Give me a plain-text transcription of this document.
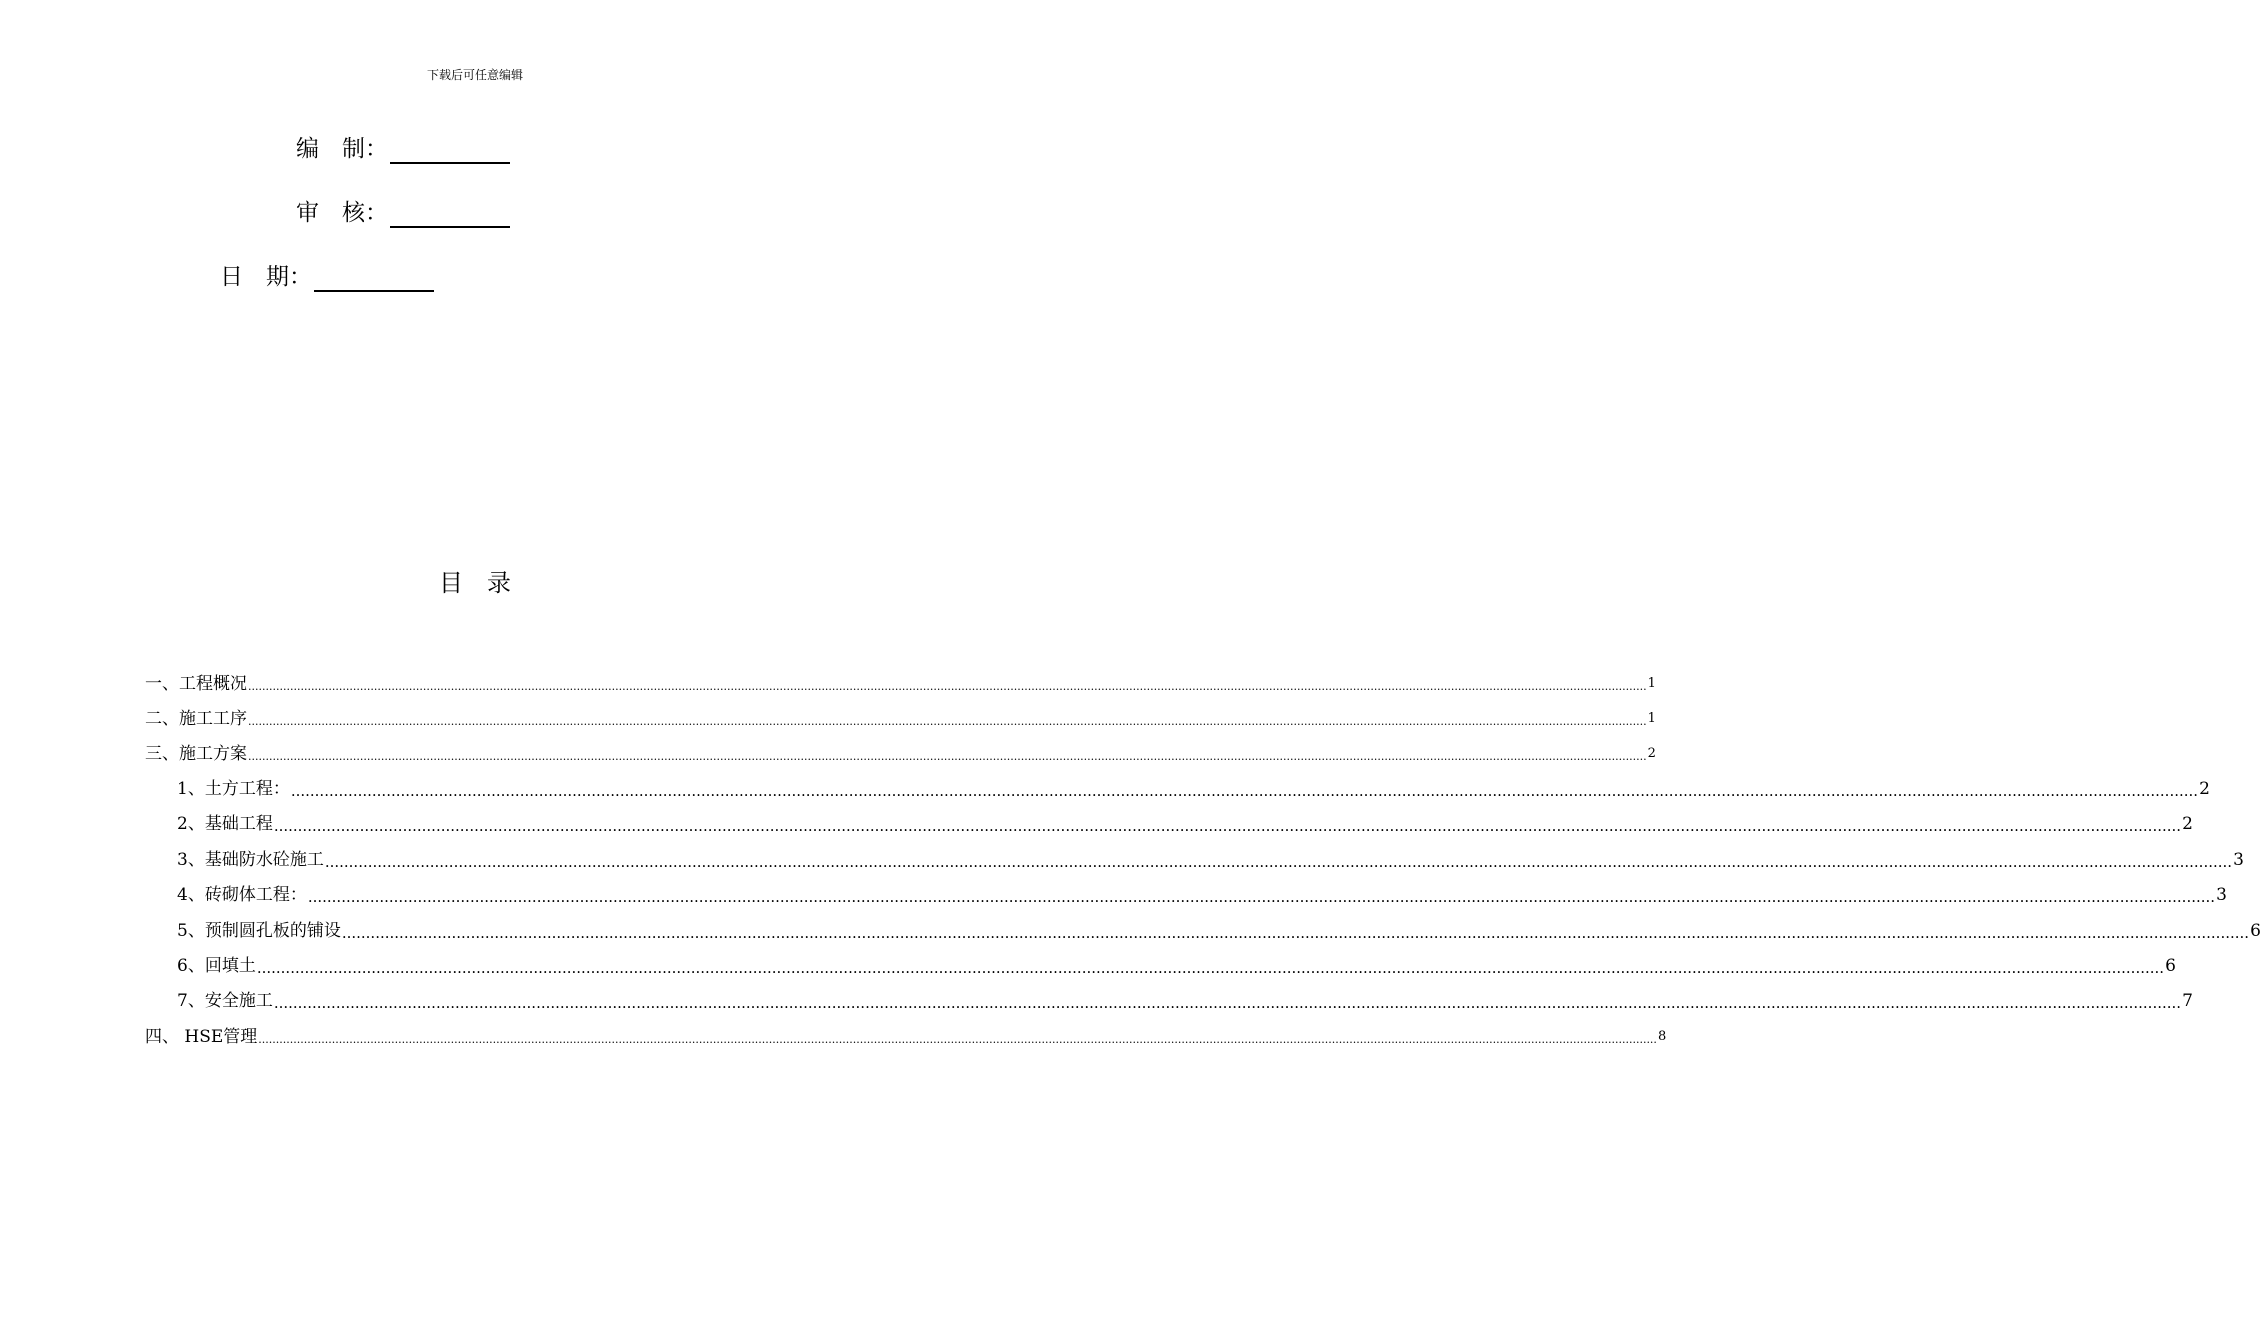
下载后可任意编辑
编　制：
审　核：
日　期：
目　录
一、工程概况 ................................................................................................................................................................................................................................................................................................................................................................................................................ 1
二、施工工序 ................................................................................................................................................................................................................................................................................................................................................................................................................ 1
三、施工方案 ................................................................................................................................................................................................................................................................................................................................................................................................................ 2
1、土方工程： ................................................................................................................................................................................................................................................................................................................................................................................................................ 2
2、基础工程 ................................................................................................................................................................................................................................................................................................................................................................................................................ 2
3、基础防水砼施工 ................................................................................................................................................................................................................................................................................................................................................................................................................ 3
4、砖砌体工程： ................................................................................................................................................................................................................................................................................................................................................................................................................ 3
5、预制圆孔板的铺设 ................................................................................................................................................................................................................................................................................................................................................................................................................ 6
6、回填土 ................................................................................................................................................................................................................................................................................................................................................................................................................ 6
7、安全施工 ................................................................................................................................................................................................................................................................................................................................................................................................................ 7
四、 HSE管理 ................................................................................................................................................................................................................................................................................................................................................................................................................ 8
